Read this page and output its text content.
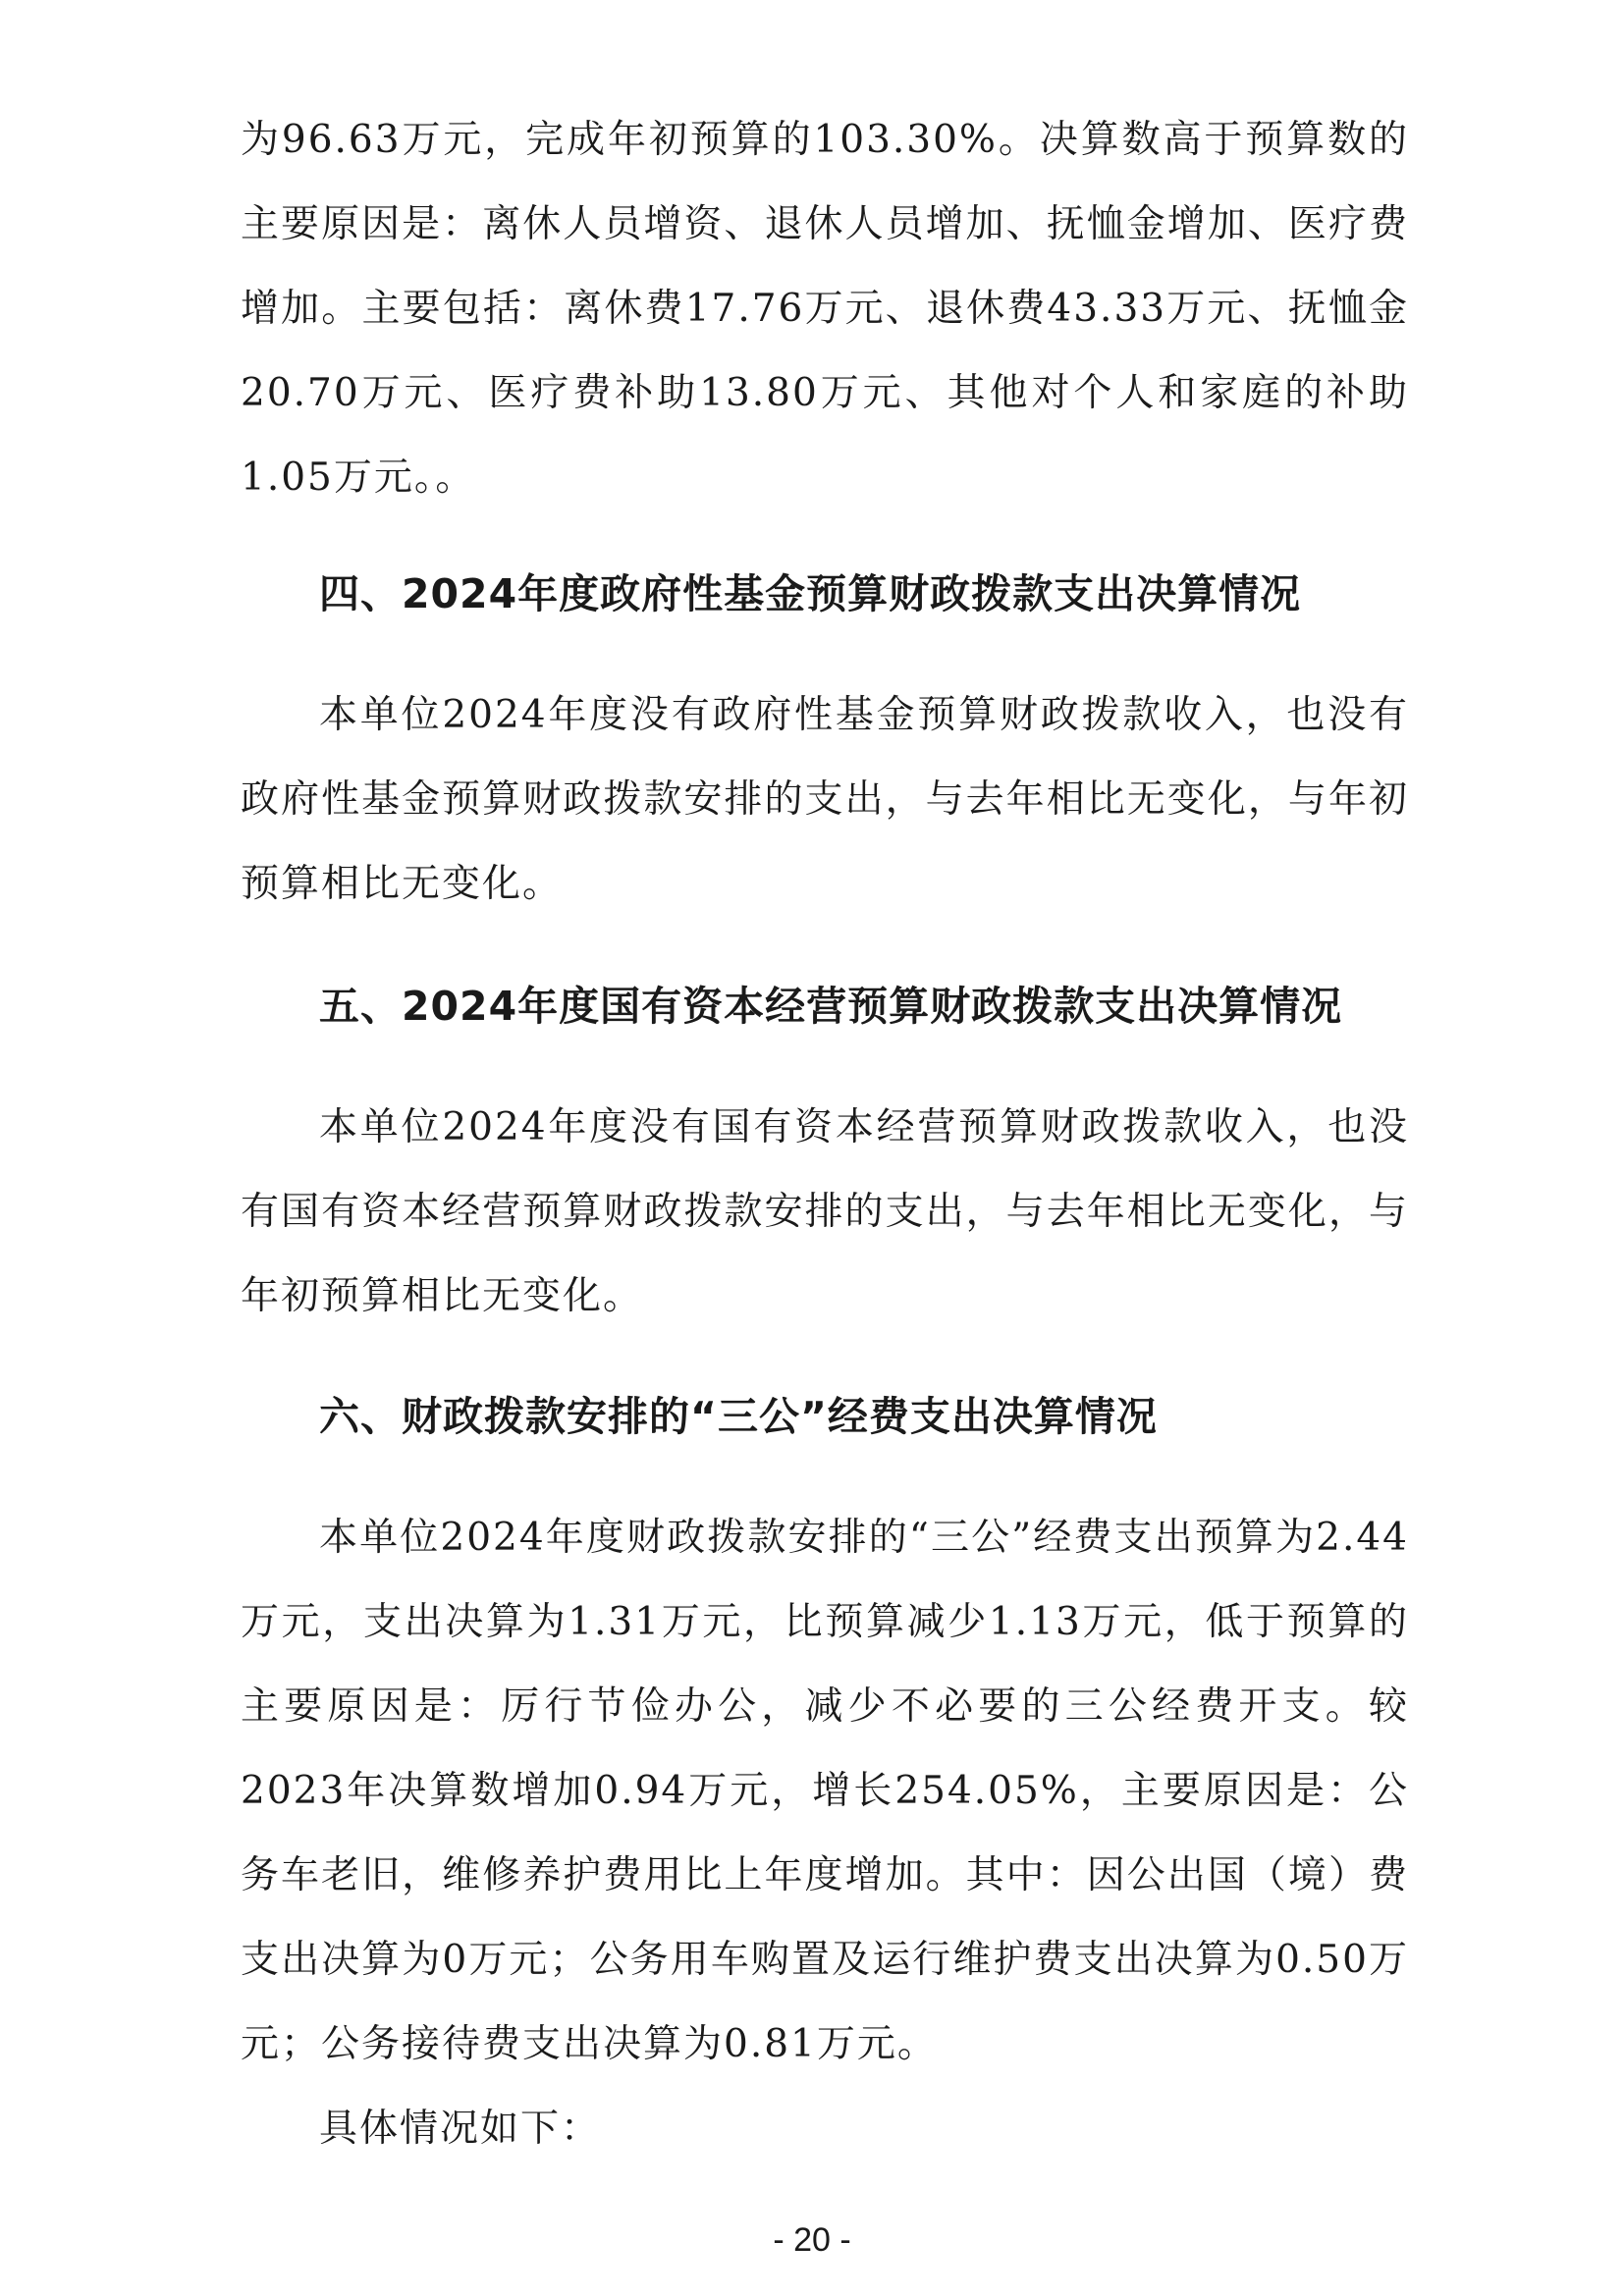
为96.63万元，完成年初预算的103.30%。决算数高于预算数的主要原因是：离休人员增资、退休人员增加、抚恤金增加、医疗费增加。主要包括：离休费17.76万元、退休费43.33万元、抚恤金20.70万元、医疗费补助13.80万元、其他对个人和家庭的补助1.05万元。。

四、2024年度政府性基金预算财政拨款支出决算情况

本单位2024年度没有政府性基金预算财政拨款收入，也没有政府性基金预算财政拨款安排的支出，与去年相比无变化，与年初预算相比无变化。

五、2024年度国有资本经营预算财政拨款支出决算情况

本单位2024年度没有国有资本经营预算财政拨款收入，也没有国有资本经营预算财政拨款安排的支出，与去年相比无变化，与年初预算相比无变化。

六、财政拨款安排的“三公”经费支出决算情况

本单位2024年度财政拨款安排的“三公”经费支出预算为2.44万元，支出决算为1.31万元，比预算减少1.13万元，低于预算的主要原因是：厉行节俭办公，减少不必要的三公经费开支。较2023年决算数增加0.94万元，增长254.05%，主要原因是：公务车老旧，维修养护费用比上年度增加。其中：因公出国（境）费支出决算为0万元；公务用车购置及运行维护费支出决算为0.50万元；公务接待费支出决算为0.81万元。

具体情况如下：

- 20 -
